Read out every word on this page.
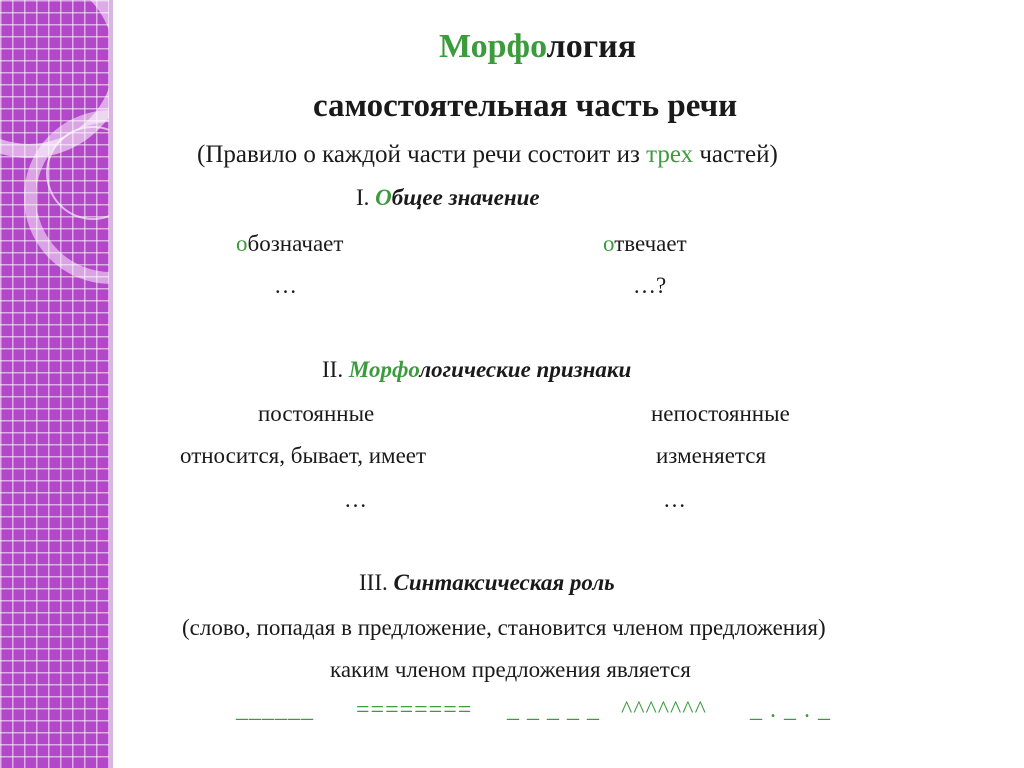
Морфология
самостоятельная часть речи
(Правило о каждой части речи состоит из трех частей)
I. Общее значение
обозначает	отвечает
…	…?
II. Морфологические признаки
постоянные	непостоянные
относится, бывает, имеет	изменяется
…	…
III. Синтаксическая роль
(слово, попадая в предложение, становится членом предложения)
каким членом предложения является
______ ======== _ _ _ _ _ ^^^^^^^ _ . _ . _
